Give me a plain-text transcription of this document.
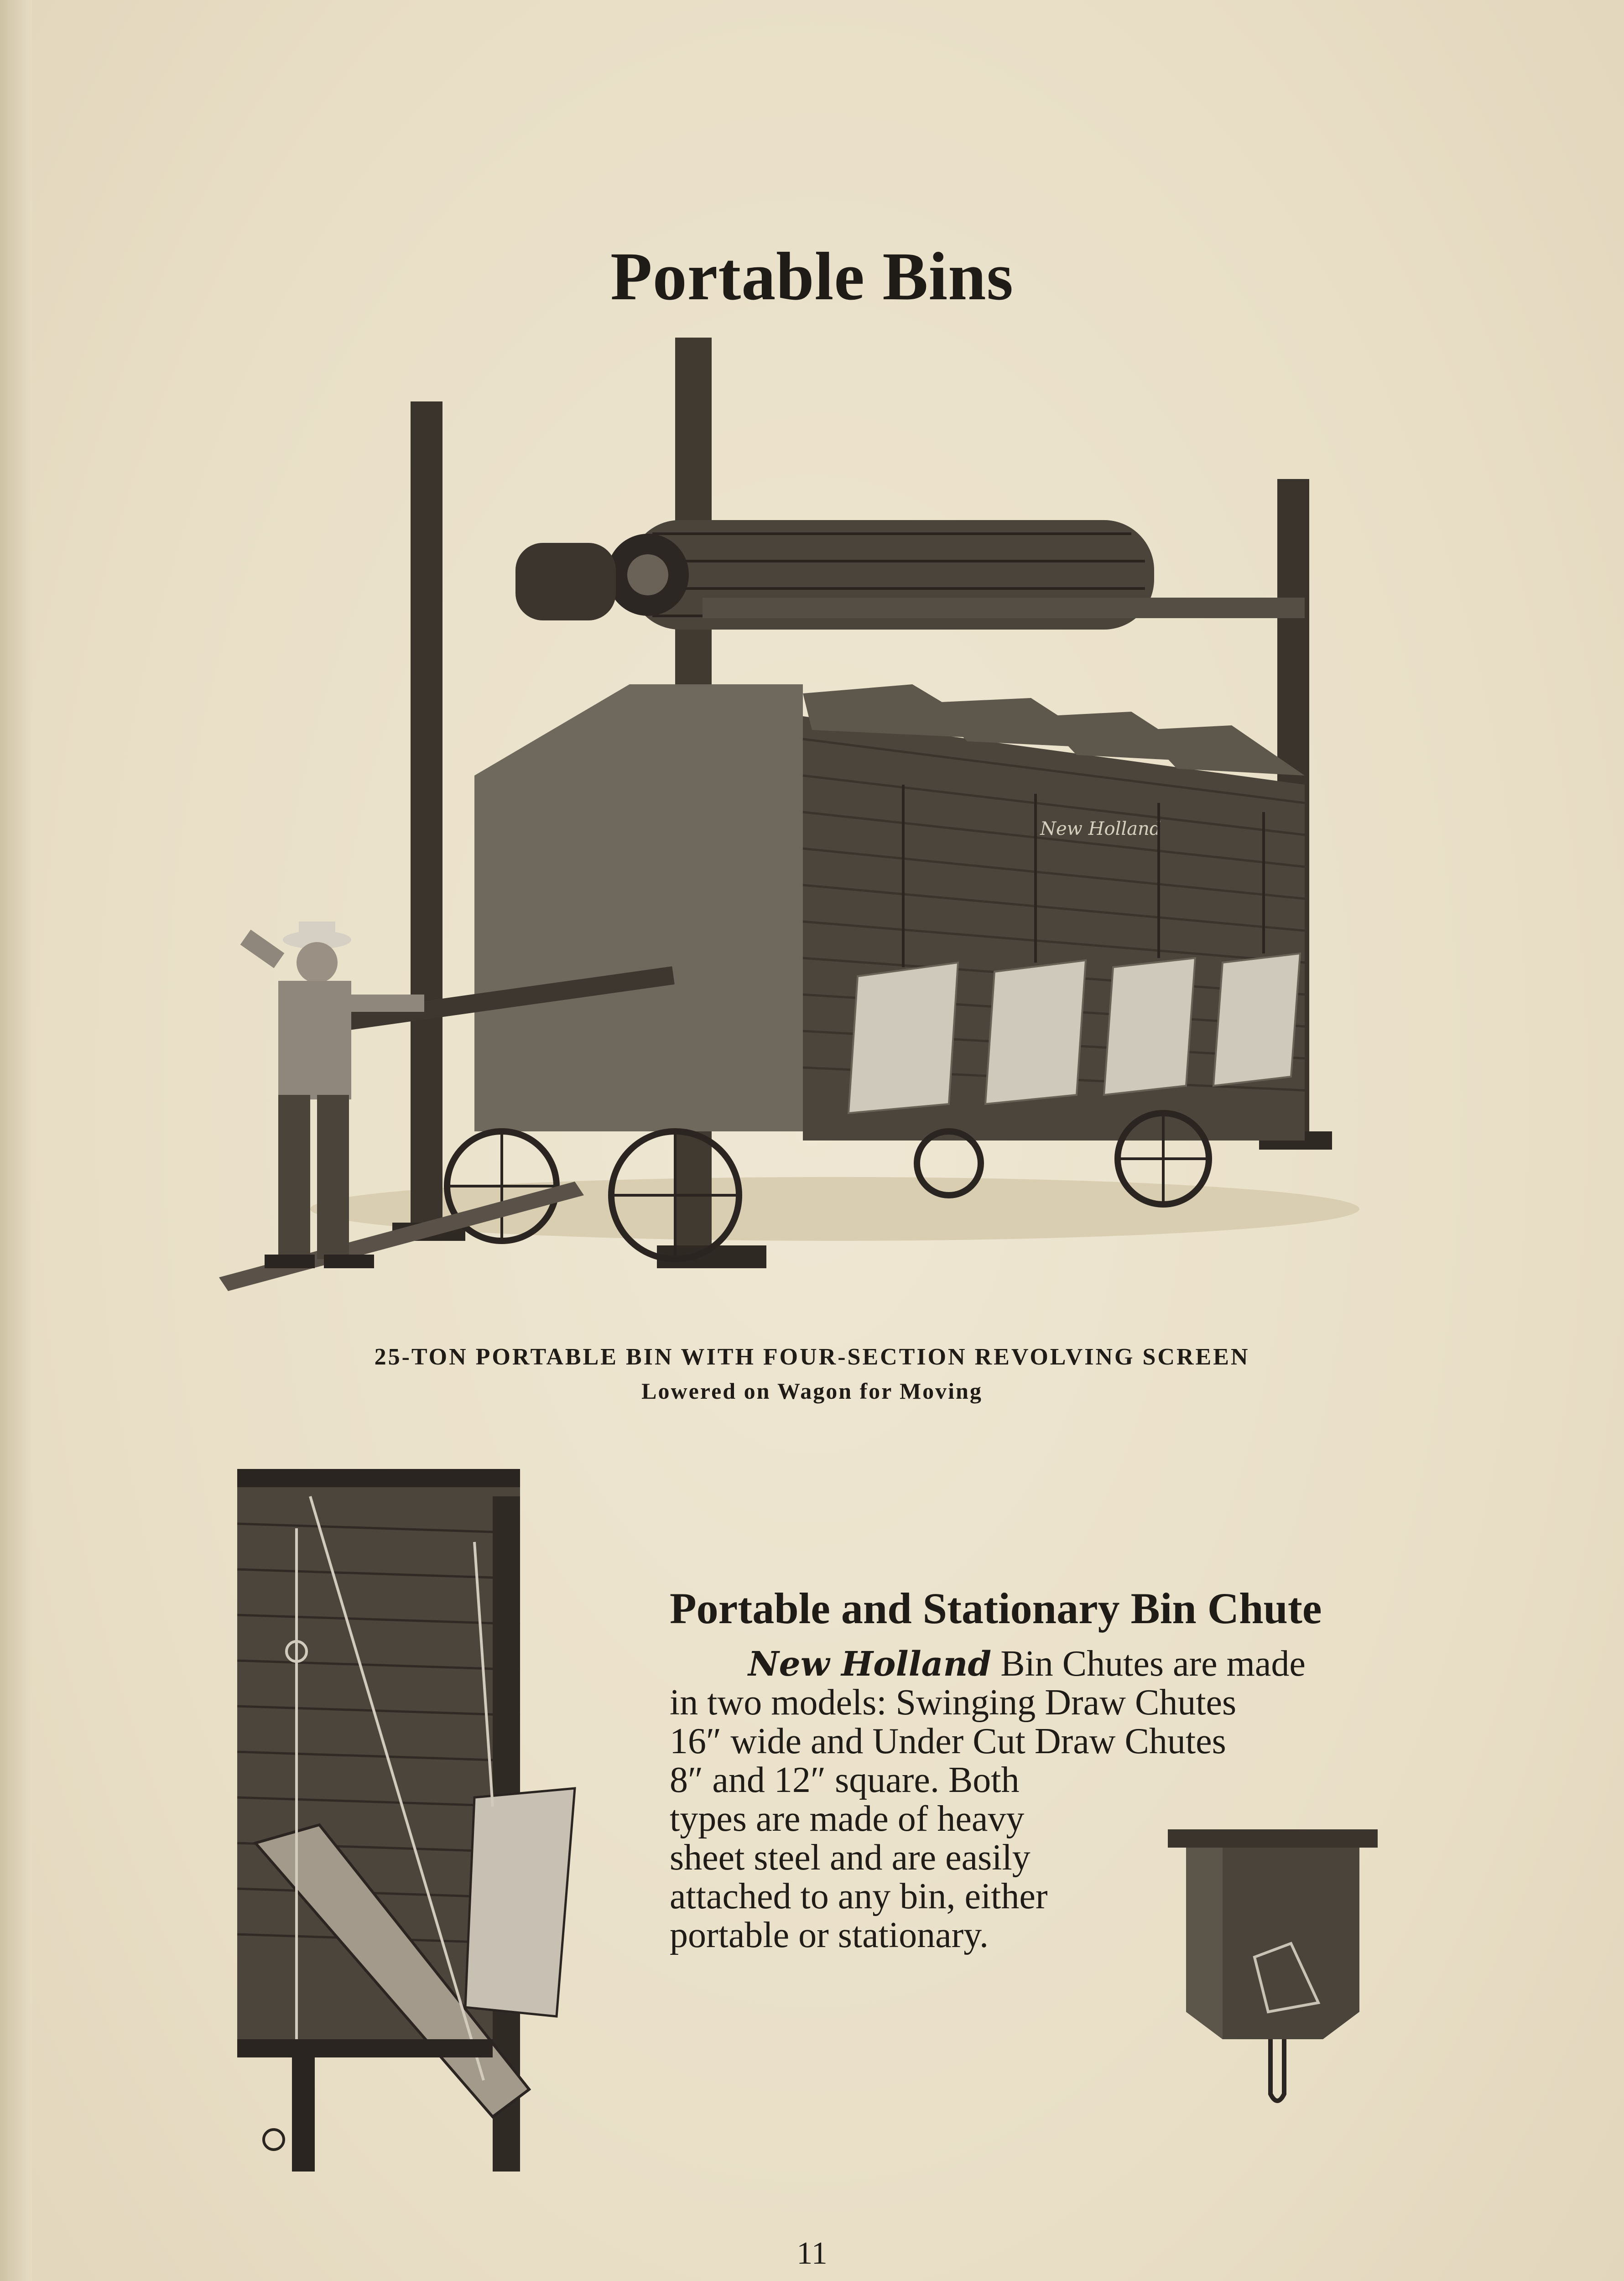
Portable Bins
New Holland
25-TON PORTABLE BIN WITH FOUR-SECTION REVOLVING SCREEN
Lowered on Wagon for Moving
Portable and Stationary Bin Chute
New Holland Bin Chutes are made
in two models: Swinging Draw Chutes
16″ wide and Under Cut Draw Chutes
8″ and 12″ square. Both
types are made of heavy
sheet steel and are easily
attached to any bin, either
portable or stationary.
11
